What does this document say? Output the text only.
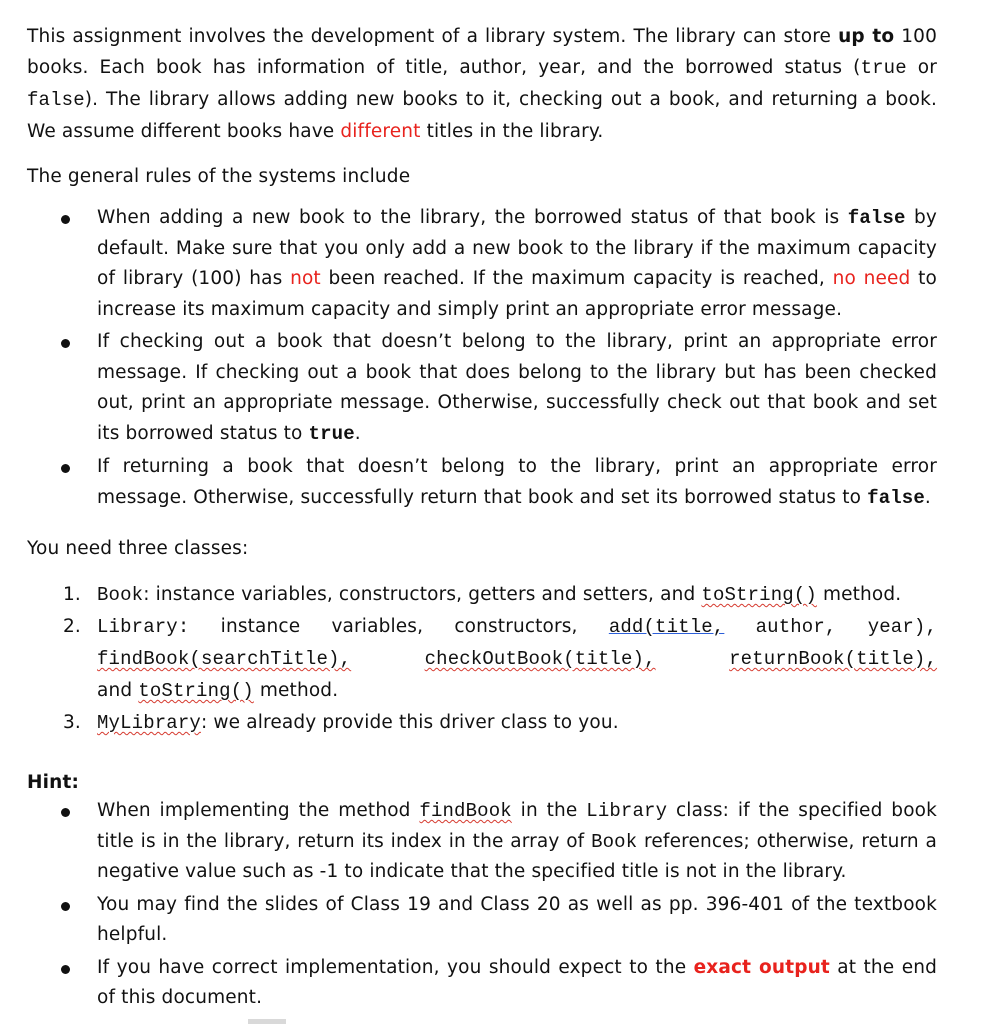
This assignment involves the development of a library system. The library can store up to 100 books. Each book has information of title, author, year, and the borrowed status (true or false). The library allows adding new books to it, checking out a book, and returning a book. We assume different books have different titles in the library.
The general rules of the systems include
When adding a new book to the library, the borrowed status of that book is false by default. Make sure that you only add a new book to the library if the maximum capacity of library (100) has not been reached. If the maximum capacity is reached, no need to increase its maximum capacity and simply print an appropriate error message.
If checking out a book that doesn’t belong to the library, print an appropriate error message. If checking out a book that does belong to the library but has been checked out, print an appropriate message. Otherwise, successfully check out that book and set its borrowed status to true.
If returning a book that doesn’t belong to the library, print an appropriate error message. Otherwise, successfully return that book and set its borrowed status to false.
You need three classes:
1. Book: instance variables, constructors, getters and setters, and toString() method.
2. Library: instance variables, constructors, add(title, author, year),
findBook(searchTitle),	checkOutBook(title),	returnBook(title),
and toString() method.
3. MyLibrary: we already provide this driver class to you.
Hint:
When implementing the method findBook in the Library class: if the specified book title is in the library, return its index in the array of Book references; otherwise, return a negative value such as -1 to indicate that the specified title is not in the library.
You may find the slides of Class 19 and Class 20 as well as pp. 396-401 of the textbook helpful.
If you have correct implementation, you should expect to the exact output at the end of this document.
